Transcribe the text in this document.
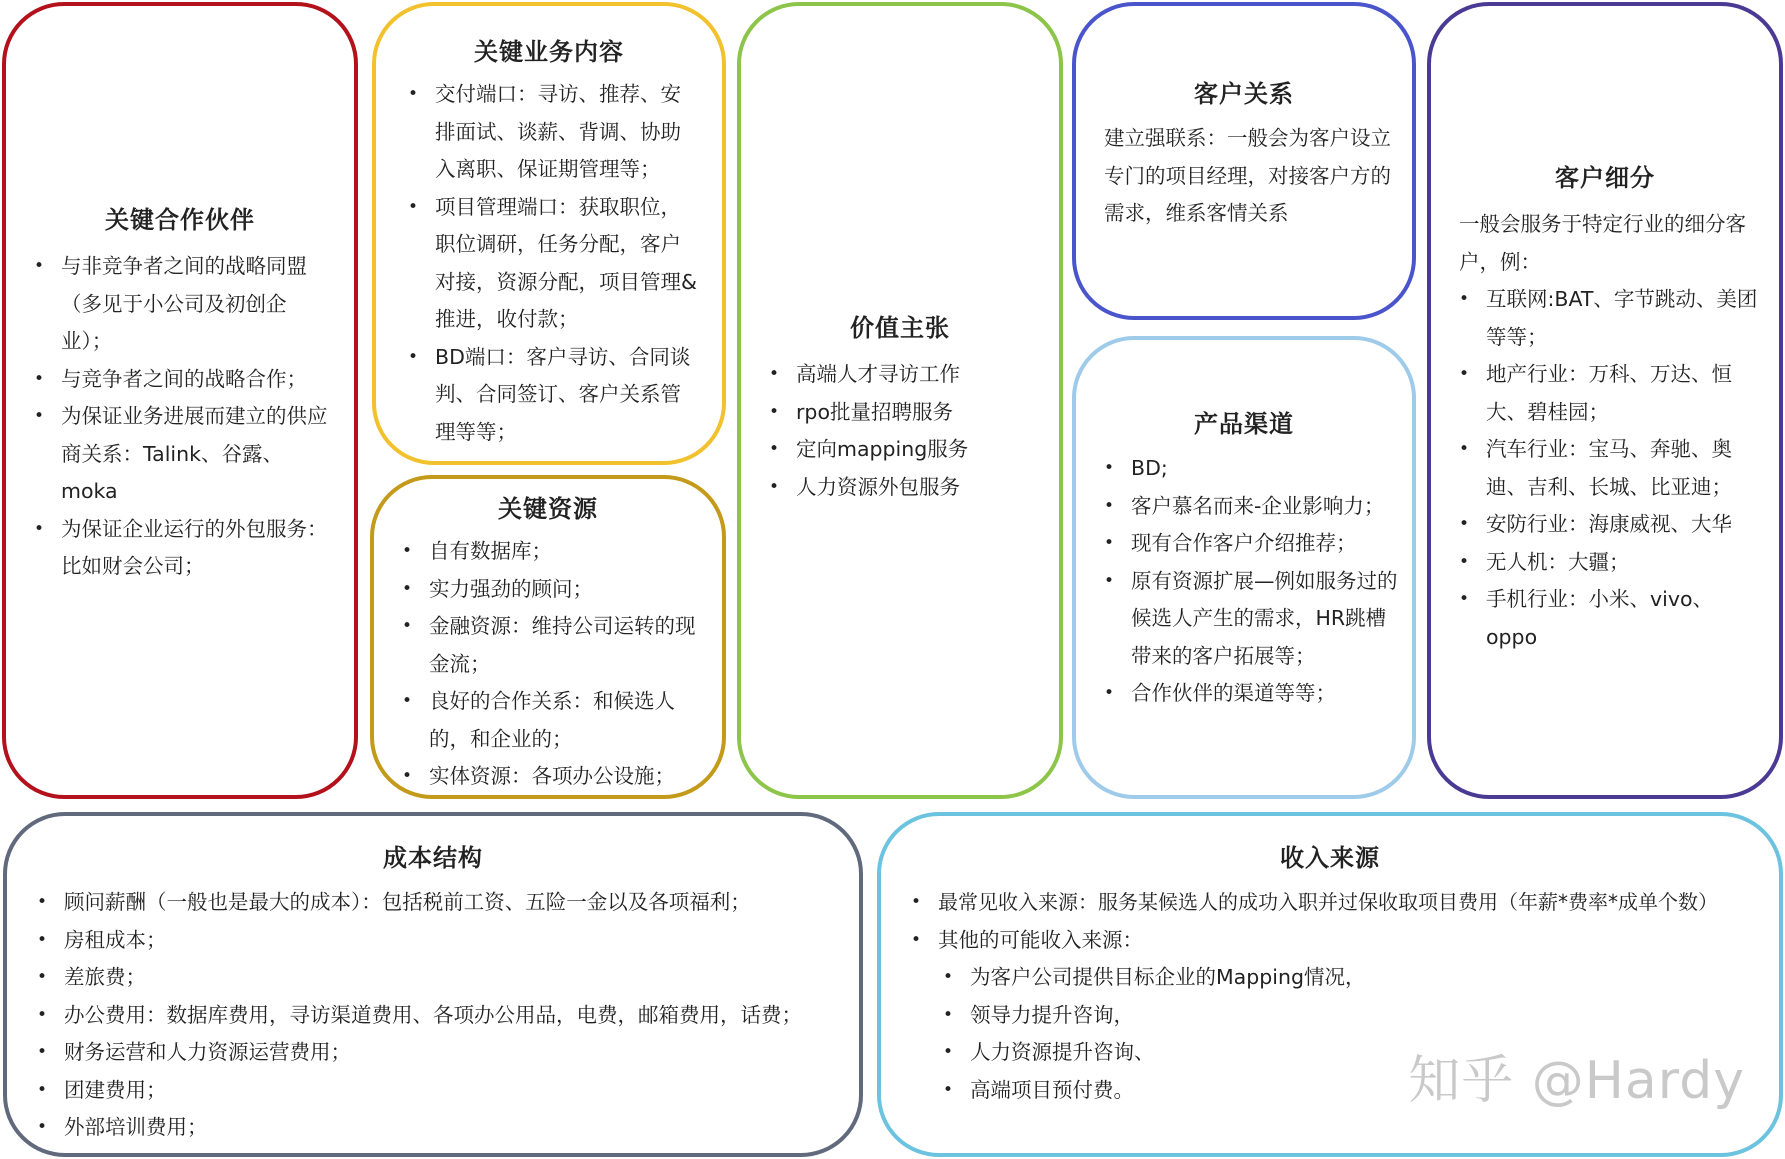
关键合作伙伴
• 与非竞争者之间的战略同盟（多见于小公司及初创企业）；
• 与竞争者之间的战略合作；
• 为保证业务进展而建立的供应商关系：Talink、谷露、moka
• 为保证企业运行的外包服务：比如财会公司；
关键业务内容
• 交付端口：寻访、推荐、安排面试、谈薪、背调、协助入离职、保证期管理等；
• 项目管理端口：获取职位，职位调研，任务分配，客户对接，资源分配，项目管理&推进，收付款；
• BD端口：客户寻访、合同谈判、合同签订、客户关系管理等等；
关键资源
• 自有数据库；
• 实力强劲的顾问；
• 金融资源：维持公司运转的现金流；
• 良好的合作关系：和候选人的，和企业的；
• 实体资源：各项办公设施；
价值主张
• 高端人才寻访工作
• rpo批量招聘服务
• 定向mapping服务
• 人力资源外包服务
客户关系

建立强联系：一般会为客户设立专门的项目经理，对接客户方的需求，维系客情关系

产品渠道
• BD;
• 客户慕名而来-企业影响力；
• 现有合作客户介绍推荐；
• 原有资源扩展—例如服务过的候选人产生的需求，HR跳槽带来的客户拓展等；
• 合作伙伴的渠道等等；
客户细分

一般会服务于特定行业的细分客户，例：

• 互联网:BAT、字节跳动、美团等等；
• 地产行业：万科、万达、恒大、碧桂园；
• 汽车行业：宝马、奔驰、奥迪、吉利、长城、比亚迪；
• 安防行业：海康威视、大华
• 无人机：大疆；
• 手机行业：小米、vivo、oppo
成本结构
• 顾问薪酬（一般也是最大的成本）：包括税前工资、五险一金以及各项福利；
• 房租成本；
• 差旅费；
• 办公费用：数据库费用，寻访渠道费用、各项办公用品，电费，邮箱费用，话费；
• 财务运营和人力资源运营费用；
• 团建费用；
• 外部培训费用；
收入来源
• 最常见收入来源：服务某候选人的成功入职并过保收取项目费用（年薪*费率*成单个数）
• 其他的可能收入来源：
• 为客户公司提供目标企业的Mapping情况，
• 领导力提升咨询，
• 人力资源提升咨询、
• 高端项目预付费。	知乎 @Hardy
